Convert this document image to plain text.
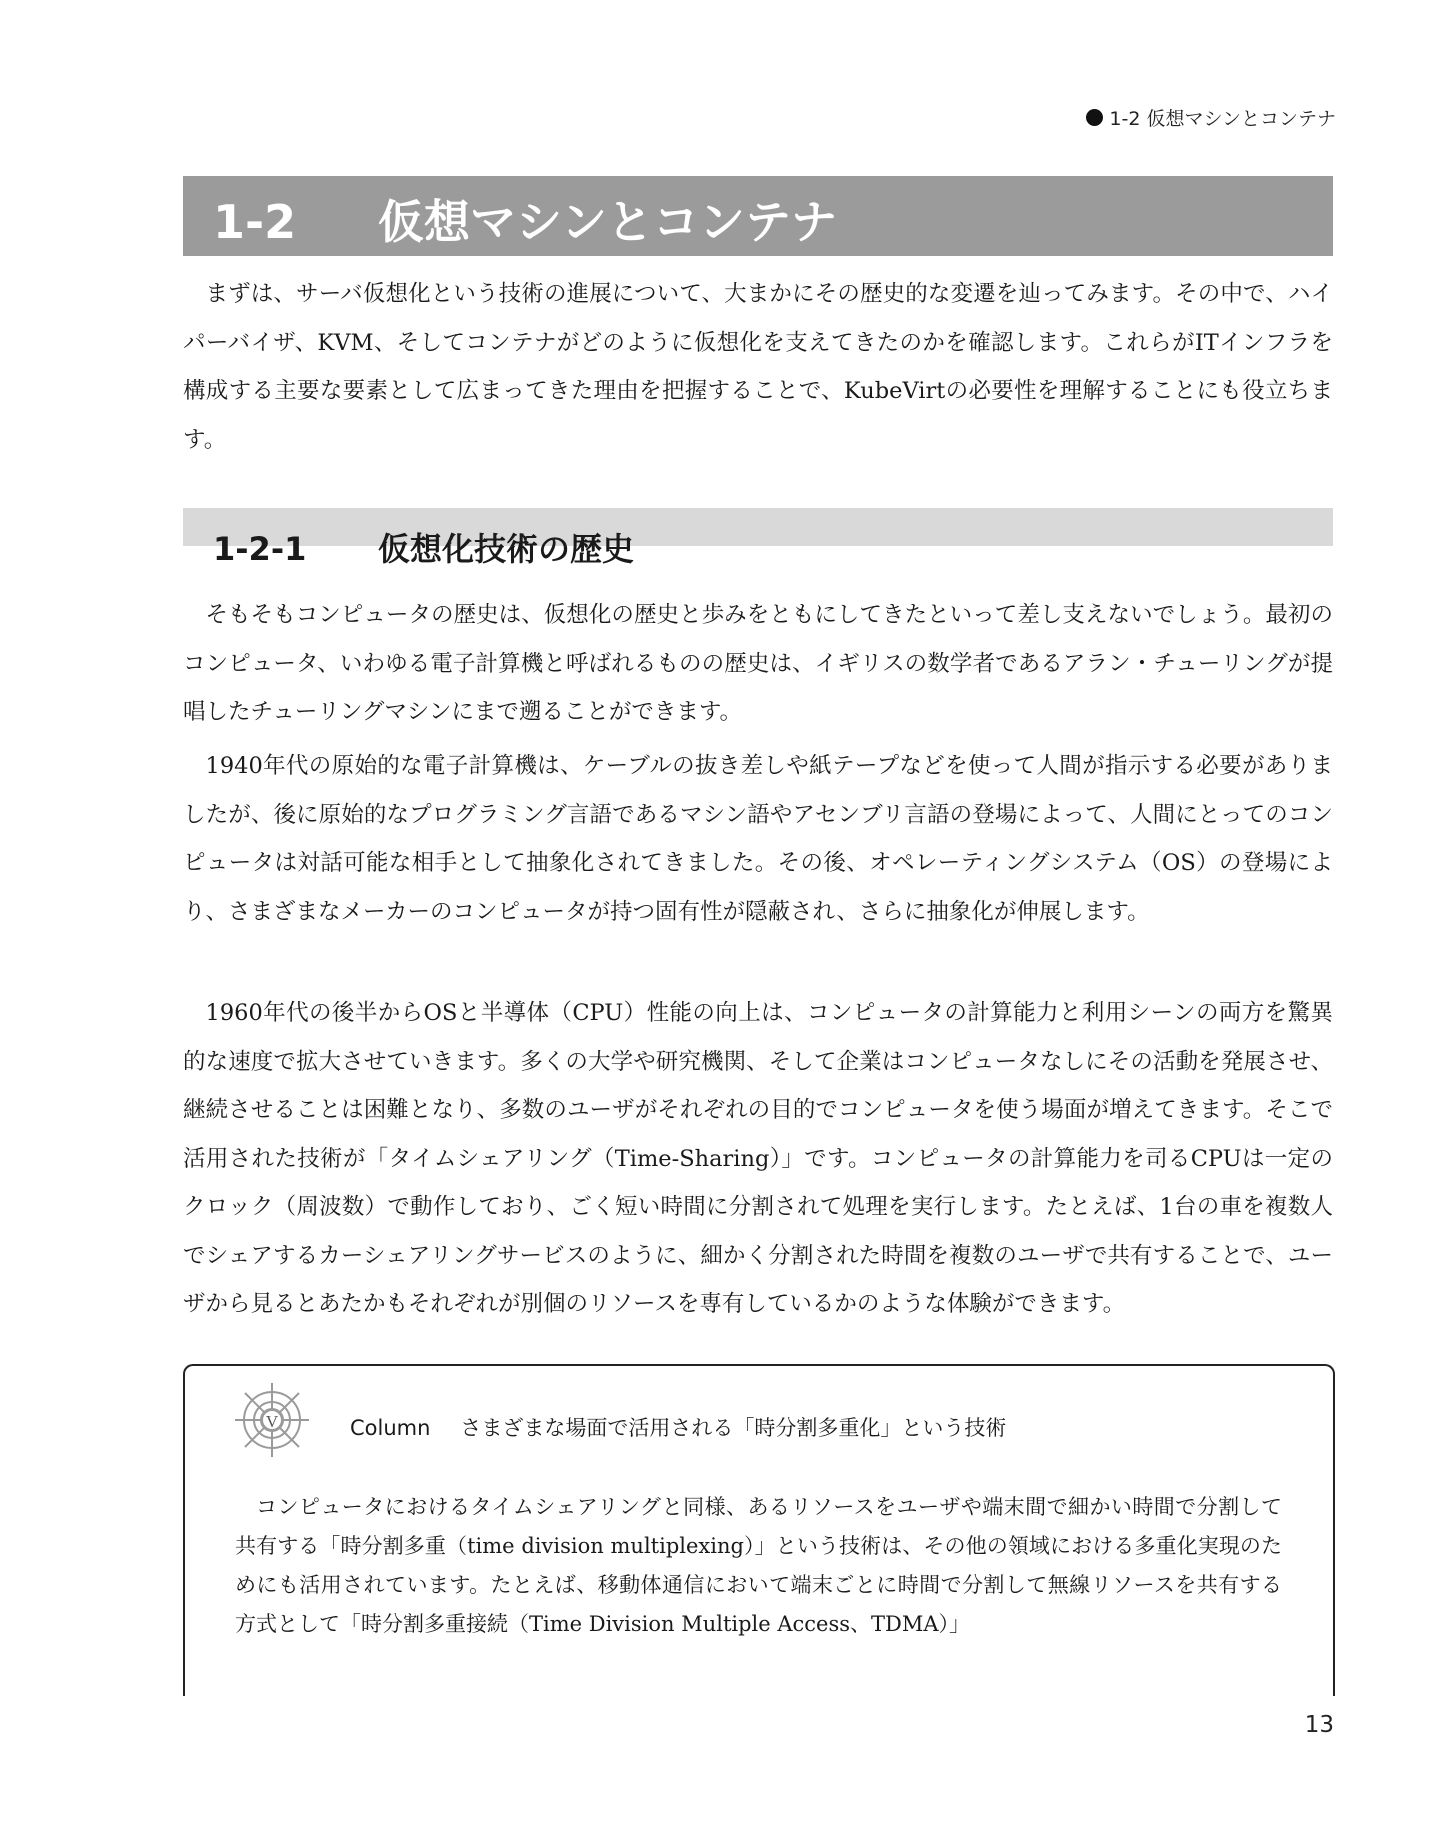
1-2 仮想マシンとコンテナ
1-2 仮想マシンとコンテナ

まずは、サーバ仮想化という技術の進展について、大まかにその歴史的な変遷を辿ってみます。その中で、ハイパーバイザ、KVM、そしてコンテナがどのように仮想化を支えてきたのかを確認します。これらがITインフラを構成する主要な要素として広まってきた理由を把握することで、KubeVirtの必要性を理解することにも役立ちます。

1-2-1 仮想化技術の歴史

そもそもコンピュータの歴史は、仮想化の歴史と歩みをともにしてきたといって差し支えないでしょう。最初のコンピュータ、いわゆる電子計算機と呼ばれるものの歴史は、イギリスの数学者であるアラン・チューリングが提唱したチューリングマシンにまで遡ることができます。

1940年代の原始的な電子計算機は、ケーブルの抜き差しや紙テープなどを使って人間が指示する必要がありましたが、後に原始的なプログラミング言語であるマシン語やアセンブリ言語の登場によって、人間にとってのコンピュータは対話可能な相手として抽象化されてきました。その後、オペレーティングシステム（OS）の登場により、さまざまなメーカーのコンピュータが持つ固有性が隠蔽され、さらに抽象化が伸展します。

1960年代の後半からOSと半導体（CPU）性能の向上は、コンピュータの計算能力と利用シーンの両方を驚異的な速度で拡大させていきます。多くの大学や研究機関、そして企業はコンピュータなしにその活動を発展させ、継続させることは困難となり、多数のユーザがそれぞれの目的でコンピュータを使う場面が増えてきます。そこで活用された技術が「タイムシェアリング（Time-Sharing）」です。コンピュータの計算能力を司るCPUは一定のクロック（周波数）で動作しており、ごく短い時間に分割されて処理を実行します。たとえば、1台の車を複数人でシェアするカーシェアリングサービスのように、細かく分割された時間を複数のユーザで共有することで、ユーザから見るとあたかもそれぞれが別個のリソースを専有しているかのような体験ができます。

V	Column さまざまな場面で活用される「時分割多重化」という技術

コンピュータにおけるタイムシェアリングと同様、あるリソースをユーザや端末間で細かい時間で分割して共有する「時分割多重（time division multiplexing）」という技術は、その他の領域における多重化実現のためにも活用されています。たとえば、移動体通信において端末ごとに時間で分割して無線リソースを共有する方式として「時分割多重接続（Time Division Multiple Access、TDMA）」

13
